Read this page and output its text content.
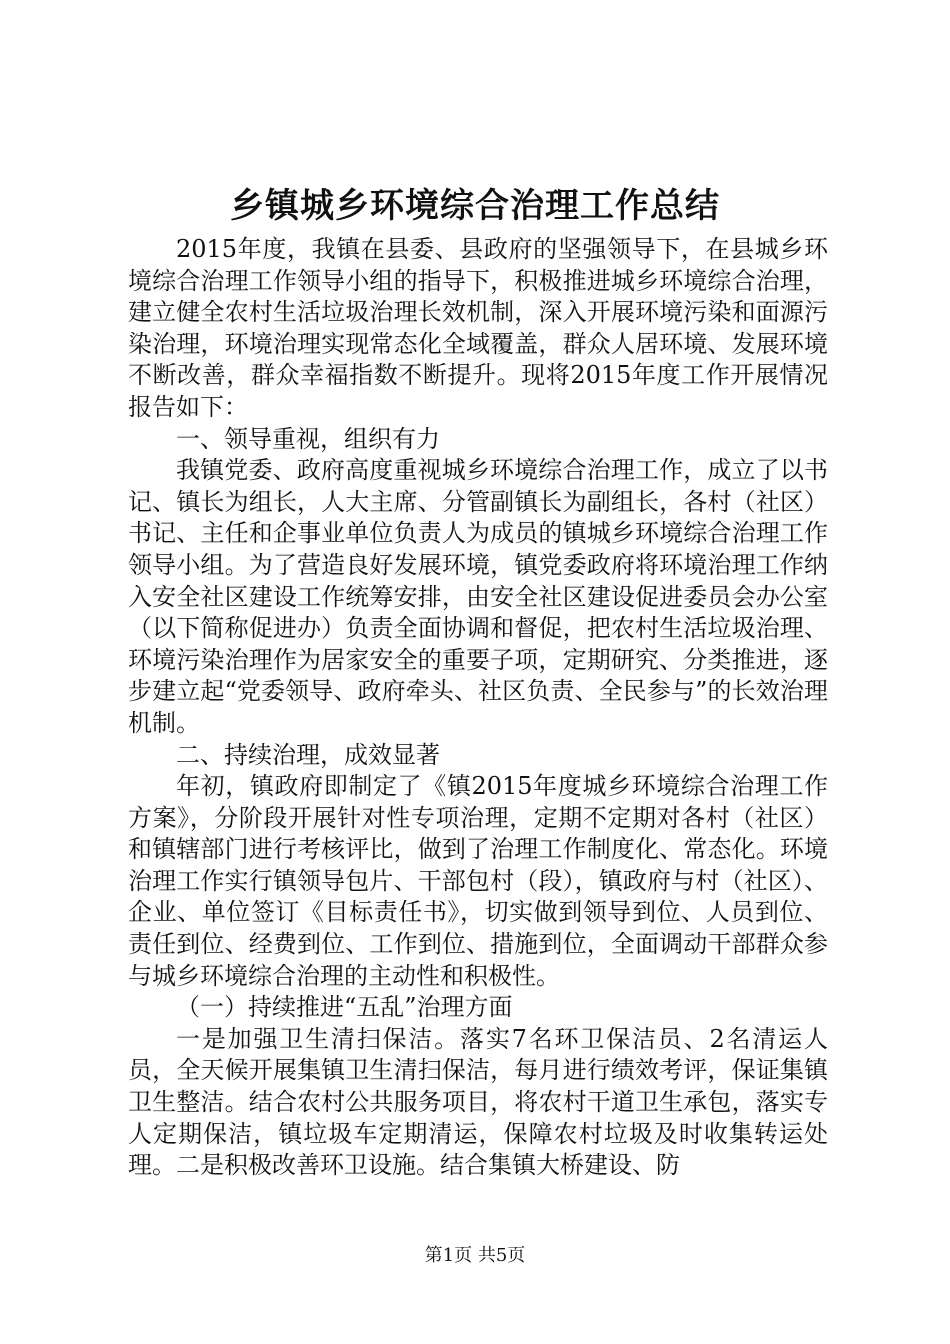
乡镇城乡环境综合治理工作总结

2015年度，我镇在县委、县政府的坚强领导下，在县城乡环境综合治理工作领导小组的指导下，积极推进城乡环境综合治理，建立健全农村生活垃圾治理长效机制，深入开展环境污染和面源污染治理，环境治理实现常态化全域覆盖，群众人居环境、发展环境不断改善，群众幸福指数不断提升。现将2015年度工作开展情况报告如下：

一、领导重视，组织有力

我镇党委、政府高度重视城乡环境综合治理工作，成立了以书记、镇长为组长，人大主席、分管副镇长为副组长，各村（社区）书记、主任和企事业单位负责人为成员的镇城乡环境综合治理工作领导小组。为了营造良好发展环境，镇党委政府将环境治理工作纳入安全社区建设工作统筹安排，由安全社区建设促进委员会办公室（以下简称促进办）负责全面协调和督促，把农村生活垃圾治理、环境污染治理作为居家安全的重要子项，定期研究、分类推进，逐步建立起“党委领导、政府牵头、社区负责、全民参与”的长效治理机制。

二、持续治理，成效显著

年初，镇政府即制定了《镇2015年度城乡环境综合治理工作方案》，分阶段开展针对性专项治理，定期不定期对各村（社区）和镇辖部门进行考核评比，做到了治理工作制度化、常态化。环境治理工作实行镇领导包片、干部包村（段），镇政府与村（社区）、企业、单位签订《目标责任书》，切实做到领导到位、人员到位、责任到位、经费到位、工作到位、措施到位，全面调动干部群众参与城乡环境综合治理的主动性和积极性。

（一）持续推进“五乱”治理方面

一是加强卫生清扫保洁。落实7名环卫保洁员、2名清运人员，全天候开展集镇卫生清扫保洁，每月进行绩效考评，保证集镇卫生整洁。结合农村公共服务项目，将农村干道卫生承包，落实专人定期保洁，镇垃圾车定期清运，保障农村垃圾及时收集转运处理。二是积极改善环卫设施。结合集镇大桥建设、防

第1页 共5页
